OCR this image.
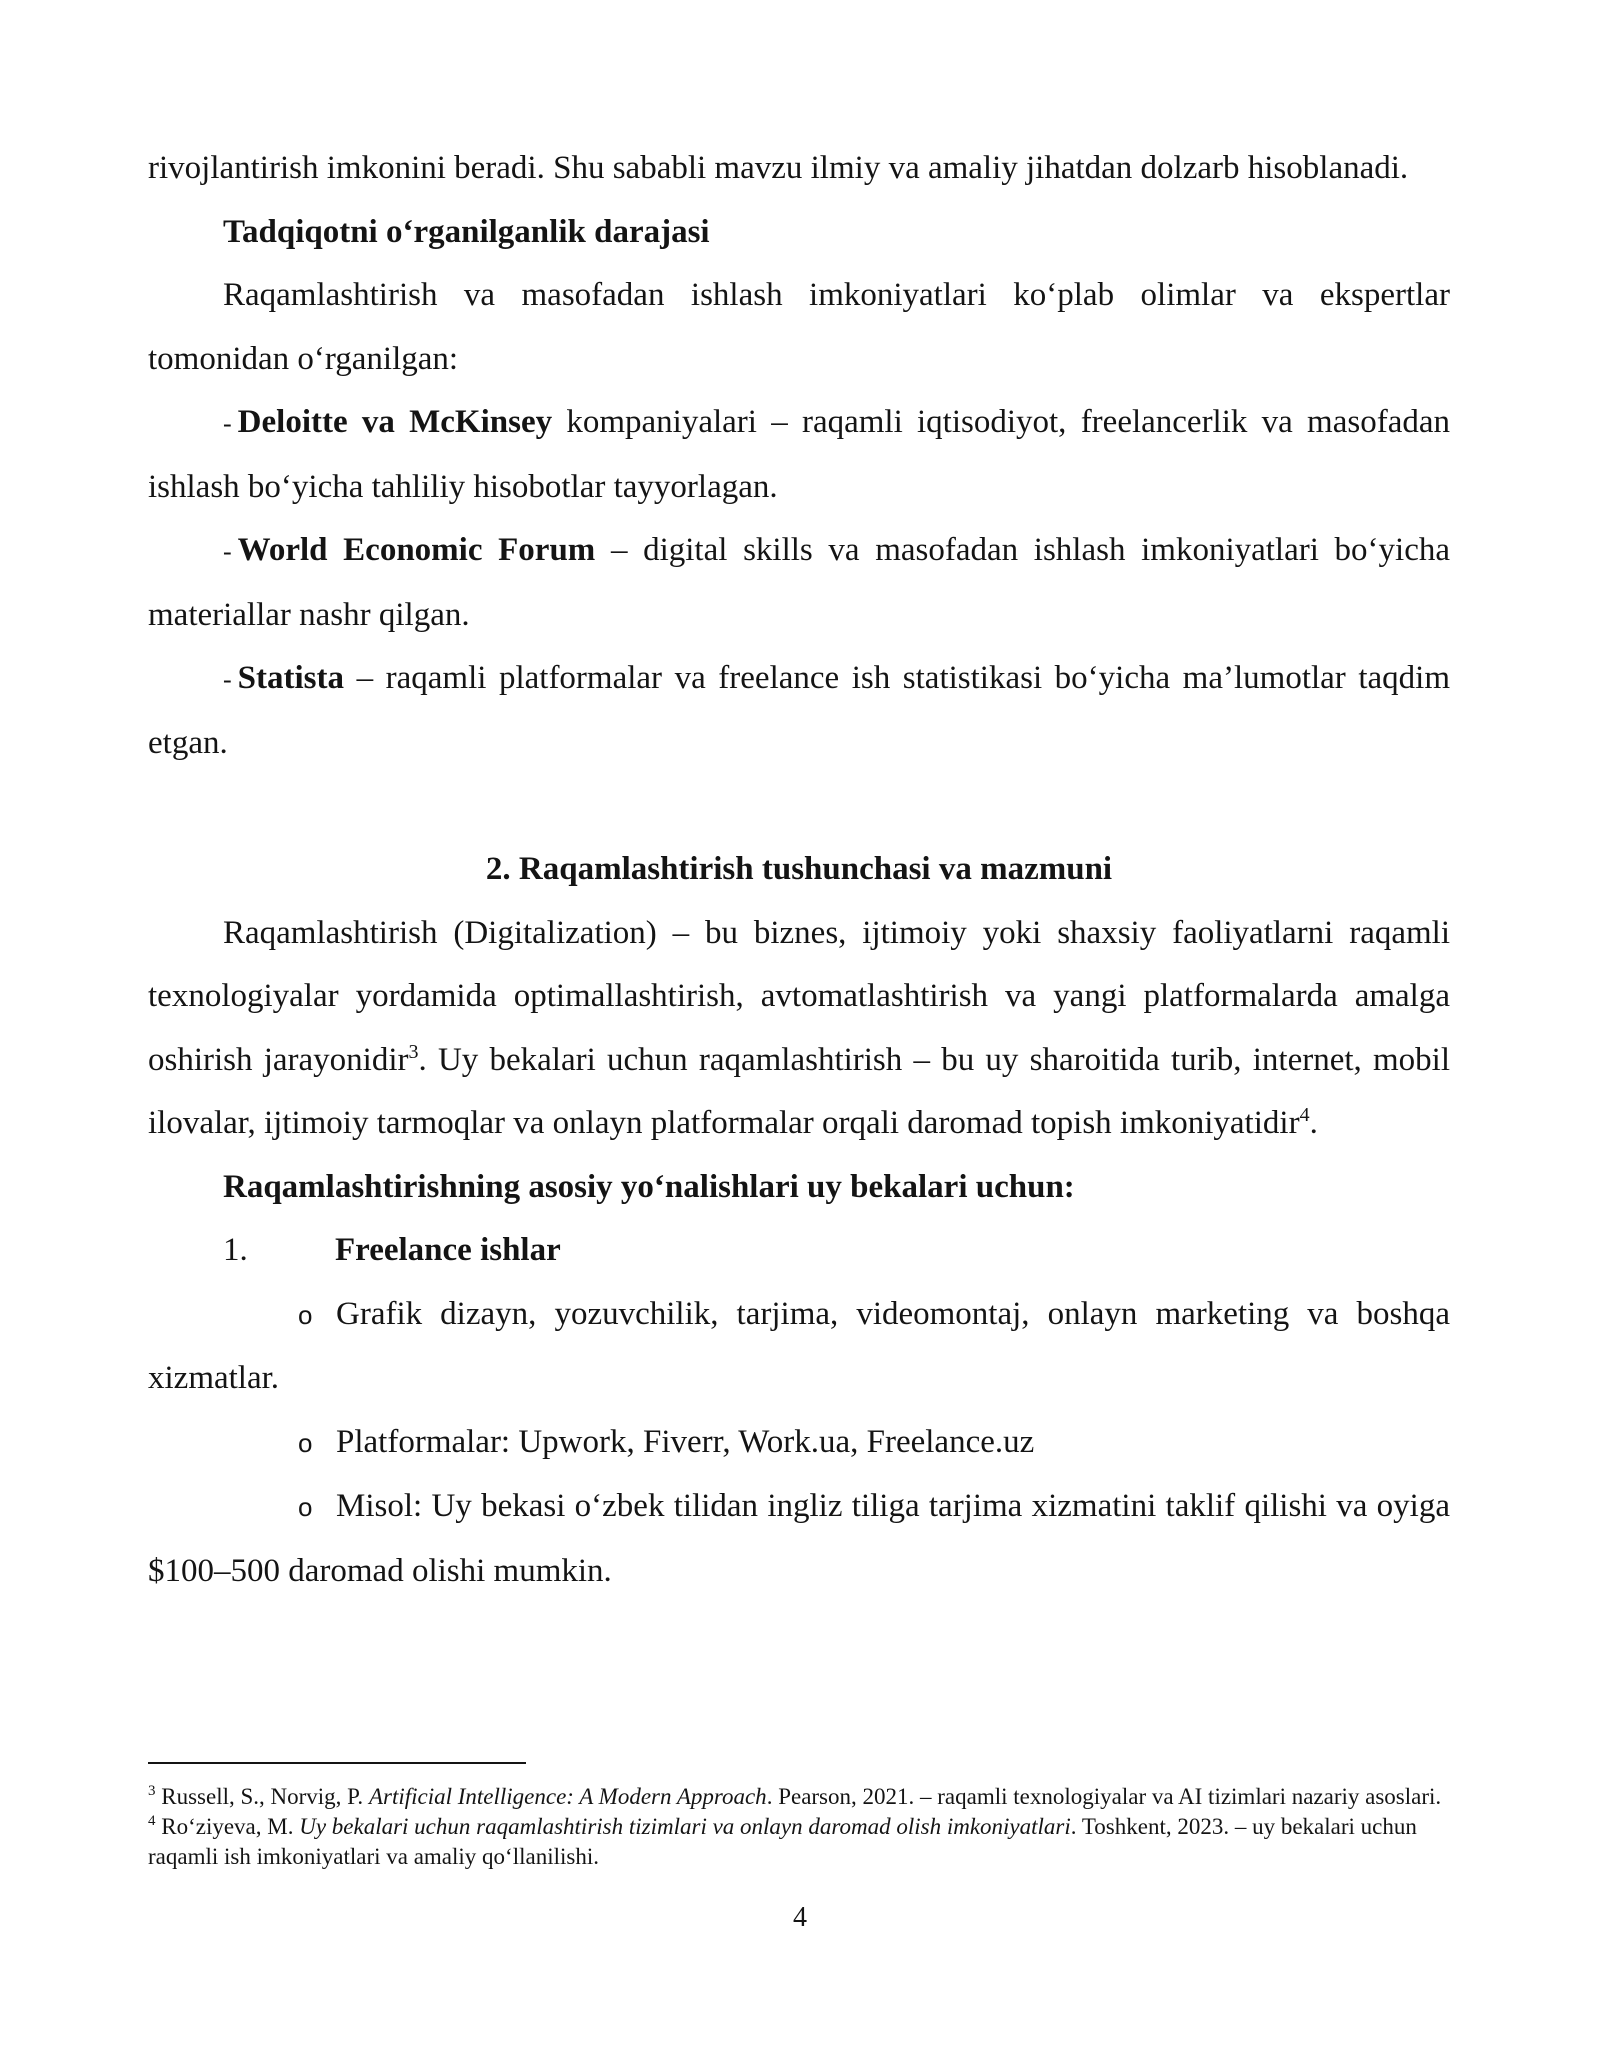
rivojlantirish imkonini beradi. Shu sababli mavzu ilmiy va amaliy jihatdan dolzarb hisoblanadi.

Tadqiqotni o‘rganilganlik darajasi

Raqamlashtirish va masofadan ishlash imkoniyatlari ko‘plab olimlar va ekspertlar tomonidan o‘rganilgan:

- Deloitte va McKinsey kompaniyalari – raqamli iqtisodiyot, freelancerlik va masofadan ishlash bo‘yicha tahliliy hisobotlar tayyorlagan.

- World Economic Forum – digital skills va masofadan ishlash imkoniyatlari bo‘yicha materiallar nashr qilgan.

- Statista – raqamli platformalar va freelance ish statistikasi bo‘yicha ma’lumotlar taqdim etgan.

2. Raqamlashtirish tushunchasi va mazmuni

Raqamlashtirish (Digitalization) – bu biznes, ijtimoiy yoki shaxsiy faoliyatlarni raqamli texnologiyalar yordamida optimallashtirish, avtomatlashtirish va yangi platformalarda amalga oshirish jarayonidir$^3$. Uy bekalari uchun raqamlashtirish – bu uy sharoitida turib, internet, mobil ilovalar, ijtimoiy tarmoqlar va onlayn platformalar orqali daromad topish imkoniyatidir$^4$.

Raqamlashtirishning asosiy yo‘nalishlari uy bekalari uchun:

1.	Freelance ishlar

o Grafik dizayn, yozuvchilik, tarjima, videomontaj, onlayn marketing va boshqa xizmatlar.

o Platformalar: Upwork, Fiverr, Work.ua, Freelance.uz

o Misol: Uy bekasi o‘zbek tilidan ingliz tiliga tarjima xizmatini taklif qilishi va oyiga $100–500 daromad olishi mumkin.

$^3$ Russell, S., Norvig, P. Artificial Intelligence: A Modern Approach. Pearson, 2021. – raqamli texnologiyalar va AI tizimlari nazariy asoslari.

$^4$ Ro‘ziyeva, M. Uy bekalari uchun raqamlashtirish tizimlari va onlayn daromad olish imkoniyatlari. Toshkent, 2023. – uy bekalari uchun raqamli ish imkoniyatlari va amaliy qo‘llanilishi.

4
